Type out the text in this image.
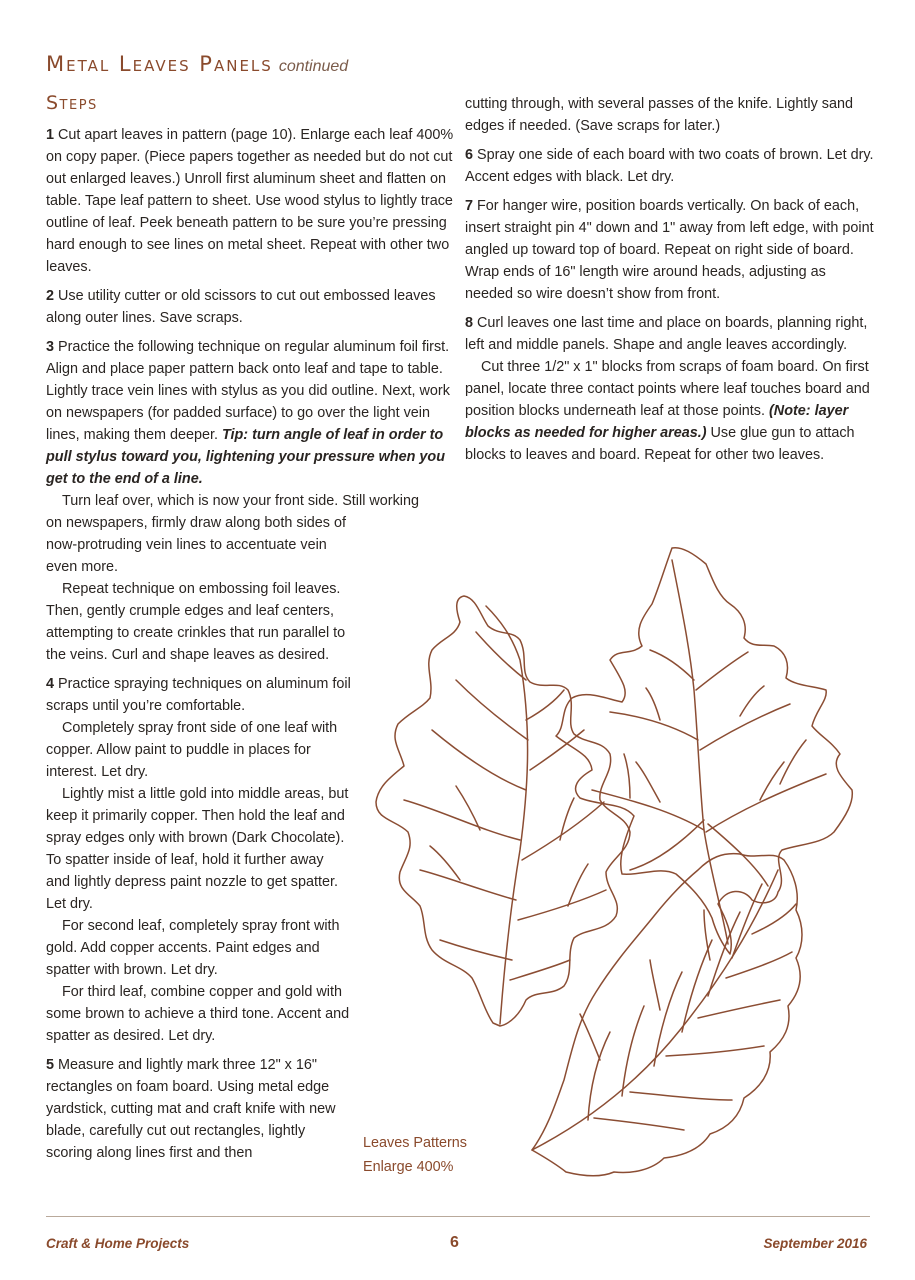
Metal Leaves Panels continued
Steps

1 Cut apart leaves in pattern (page 10). Enlarge each leaf 400% on copy paper. (Piece papers together as needed but do not cut out enlarged leaves.) Unroll first aluminum sheet and flatten on table. Tape leaf pattern to sheet. Use wood stylus to lightly trace outline of leaf. Peek beneath pattern to be sure you’re pressing hard enough to see lines on metal sheet. Repeat with other two leaves.

2 Use utility cutter or old scissors to cut out embossed leaves along outer lines. Save scraps.

3 Practice the following technique on regular aluminum foil first. Align and place paper pattern back onto leaf and tape to table. Lightly trace vein lines with stylus as you did outline. Next, work on newspapers (for padded surface) to go over the light vein lines, making them deeper. Tip: turn angle of leaf in order to pull stylus toward you, lightening your pressure when you get to the end of a line.

Turn leaf over, which is now your front side. Still working

on newspapers, firmly draw along both sides of now-protruding vein lines to accentuate vein even more.

Repeat technique on embossing foil leaves. Then, gently crumple edges and leaf centers, attempting to create crinkles that run parallel to the veins. Curl and shape leaves as desired.

4 Practice spraying techniques on aluminum foil scraps until you’re comfortable.

Completely spray front side of one leaf with copper. Allow paint to puddle in places for interest. Let dry.

Lightly mist a little gold into middle areas, but keep it primarily copper. Then hold the leaf and spray edges only with brown (Dark Chocolate). To spatter inside of leaf, hold it further away and lightly depress paint nozzle to get spatter. Let dry.

For second leaf, completely spray front with gold. Add copper accents. Paint edges and spatter with brown. Let dry.

For third leaf, combine copper and gold with some brown to achieve a third tone. Accent and spatter as desired. Let dry.

5 Measure and lightly mark three 12" x 16" rectangles on foam board. Using metal edge yardstick, cutting mat and craft knife with new blade, carefully cut out rectangles, lightly scoring along lines first and then

cutting through, with several passes of the knife. Lightly sand edges if needed. (Save scraps for later.)

6 Spray one side of each board with two coats of brown. Let dry. Accent edges with black. Let dry.

7 For hanger wire, position boards vertically. On back of each, insert straight pin 4" down and 1" away from left edge, with point angled up toward top of board. Repeat on right side of board. Wrap ends of 16" length wire around heads, adjusting as needed so wire doesn’t show from front.

8 Curl leaves one last time and place on boards, planning right, left and middle panels. Shape and angle leaves accordingly.

Cut three 1/2" x 1" blocks from scraps of foam board. On first panel, locate three contact points where leaf touches board and position blocks underneath leaf at those points. (Note: layer blocks as needed for higher areas.) Use glue gun to attach blocks to leaves and board. Repeat for other two leaves.

Leaves Patterns
Enlarge 400%
Craft & Home Projects	6	September 2016
